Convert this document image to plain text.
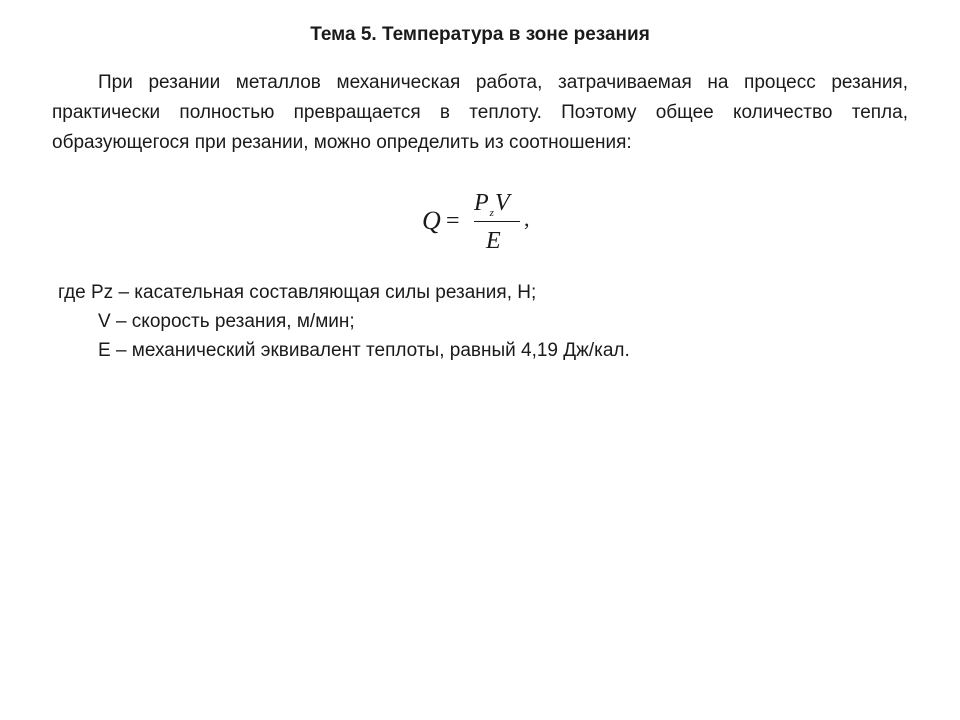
Тема 5. Температура в зоне резания

При резании металлов механическая работа, затрачиваемая на процесс резания, практически полностью превращается в теплоту. Поэтому общее количество тепла, образующегося при резании, можно определить из соотношения:

Q =
$P_zV$
E
,
где Pz – касательная составляющая силы резания, Н;
V – скорость резания, м/мин;
E – механический эквивалент теплоты, равный 4,19 Дж/кал.
